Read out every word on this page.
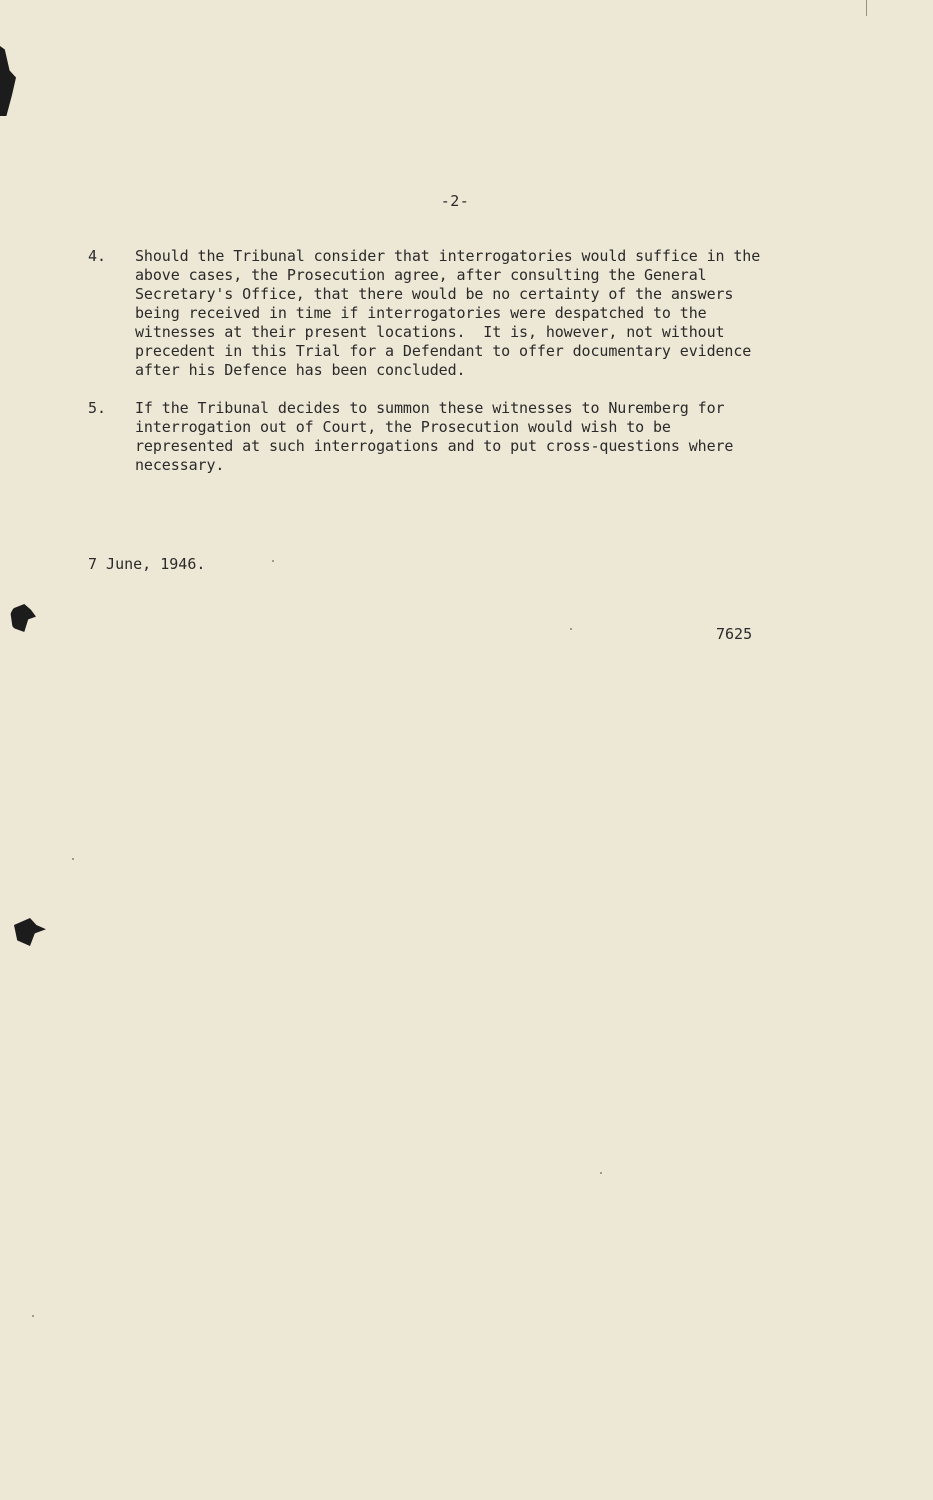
-2-
4. Should the Tribunal consider that interrogatories would suffice in the
above cases, the Prosecution agree, after consulting the General
Secretary's Office, that there would be no certainty of the answers
being received in time if interrogatories were despatched to the
witnesses at their present locations.  It is, however, not without
precedent in this Trial for a Defendant to offer documentary evidence
after his Defence has been concluded.
5. If the Tribunal decides to summon these witnesses to Nuremberg for
interrogation out of Court, the Prosecution would wish to be
represented at such interrogations and to put cross-questions where
necessary.
7 June, 1946.
7625
